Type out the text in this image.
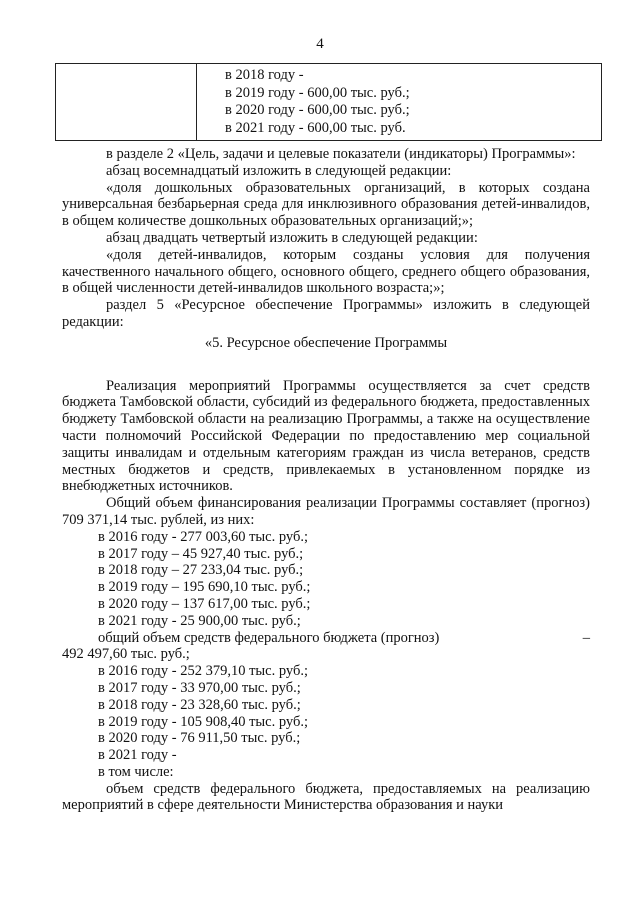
4

в 2018 году -
в 2019 году - 600,00 тыс. руб.;
в 2020 году - 600,00 тыс. руб.;
в 2021 году - 600,00 тыс. руб.

в разделе 2 «Цель, задачи и целевые показатели (индикаторы) Программы»:

абзац восемнадцатый изложить в следующей редакции:

«доля дошкольных образовательных организаций, в которых создана универсальная безбарьерная среда для инклюзивного образования детей-инвалидов, в общем количестве дошкольных образовательных организаций;»;

абзац двадцать четвертый изложить в следующей редакции:

«доля детей-инвалидов, которым созданы условия для получения качественного начального общего, основного общего, среднего общего образования, в общей численности детей-инвалидов школьного возраста;»;

раздел 5 «Ресурсное обеспечение Программы» изложить в следующей редакции:

«5. Ресурсное обеспечение Программы

Реализация мероприятий Программы осуществляется за счет средств бюджета Тамбовской области, субсидий из федерального бюджета, предоставленных бюджету Тамбовской области на реализацию Программы, а также на осуществление части полномочий Российской Федерации по предоставлению мер социальной защиты инвалидам и отдельным категориям граждан из числа ветеранов, средств местных бюджетов и средств, привлекаемых в установленном порядке из внебюджетных источников.

Общий объем финансирования реализации Программы составляет (прогноз) 709 371,14 тыс. рублей, из них:

в 2016 году - 277 003,60 тыс. руб.;

в 2017 году – 45 927,40 тыс. руб.;

в 2018 году – 27 233,04 тыс. руб.;

в 2019 году – 195 690,10 тыс. руб.;

в 2020 году – 137 617,00 тыс. руб.;

в 2021 году - 25 900,00 тыс. руб.;

общий объем средств федерального бюджета (прогноз)	–

492 497,60 тыс. руб.;

в 2016 году - 252 379,10 тыс. руб.;

в 2017 году - 33 970,00 тыс. руб.;

в 2018 году - 23 328,60 тыс. руб.;

в 2019 году - 105 908,40 тыс. руб.;

в 2020 году - 76 911,50 тыс. руб.;

в 2021 году -

в том числе:

объем средств федерального бюджета, предоставляемых на реализацию мероприятий в сфере деятельности Министерства образования и науки
